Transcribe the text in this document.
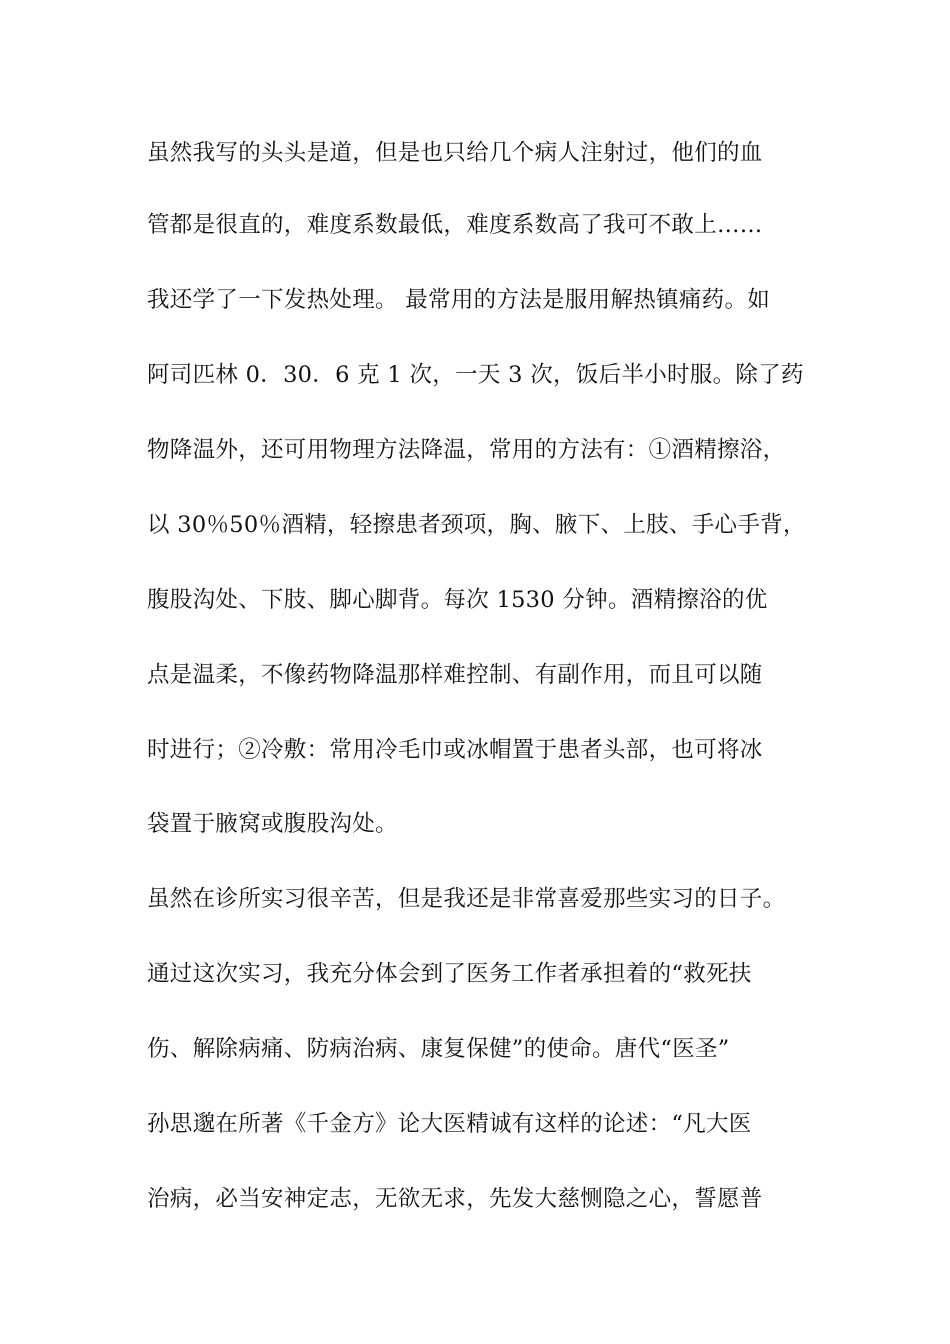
虽然我写的头头是道，但是也只给几个病人注射过，他们的血
管都是很直的，难度系数最低，难度系数高了我可不敢上……
我还学了一下发热处理。 最常用的方法是服用解热镇痛药。如
阿司匹林 0．30．6 克 1 次，一天 3 次，饭后半小时服。除了药
物降温外，还可用物理方法降温，常用的方法有：①酒精擦浴，
以 30％50％酒精，轻擦患者颈项，胸、腋下、上肢、手心手背，
腹股沟处、下肢、脚心脚背。每次 1530 分钟。酒精擦浴的优
点是温柔，不像药物降温那样难控制、有副作用，而且可以随
时进行；②冷敷：常用冷毛巾或冰帽置于患者头部，也可将冰
袋置于腋窝或腹股沟处。
虽然在诊所实习很辛苦，但是我还是非常喜爱那些实习的日子。
通过这次实习，我充分体会到了医务工作者承担着的“救死扶
伤、解除病痛、防病治病、康复保健”的使命。唐代“医圣”
孙思邈在所著《千金方》论大医精诚有这样的论述：“凡大医
治病，必当安神定志，无欲无求，先发大慈恻隐之心，誓愿普
